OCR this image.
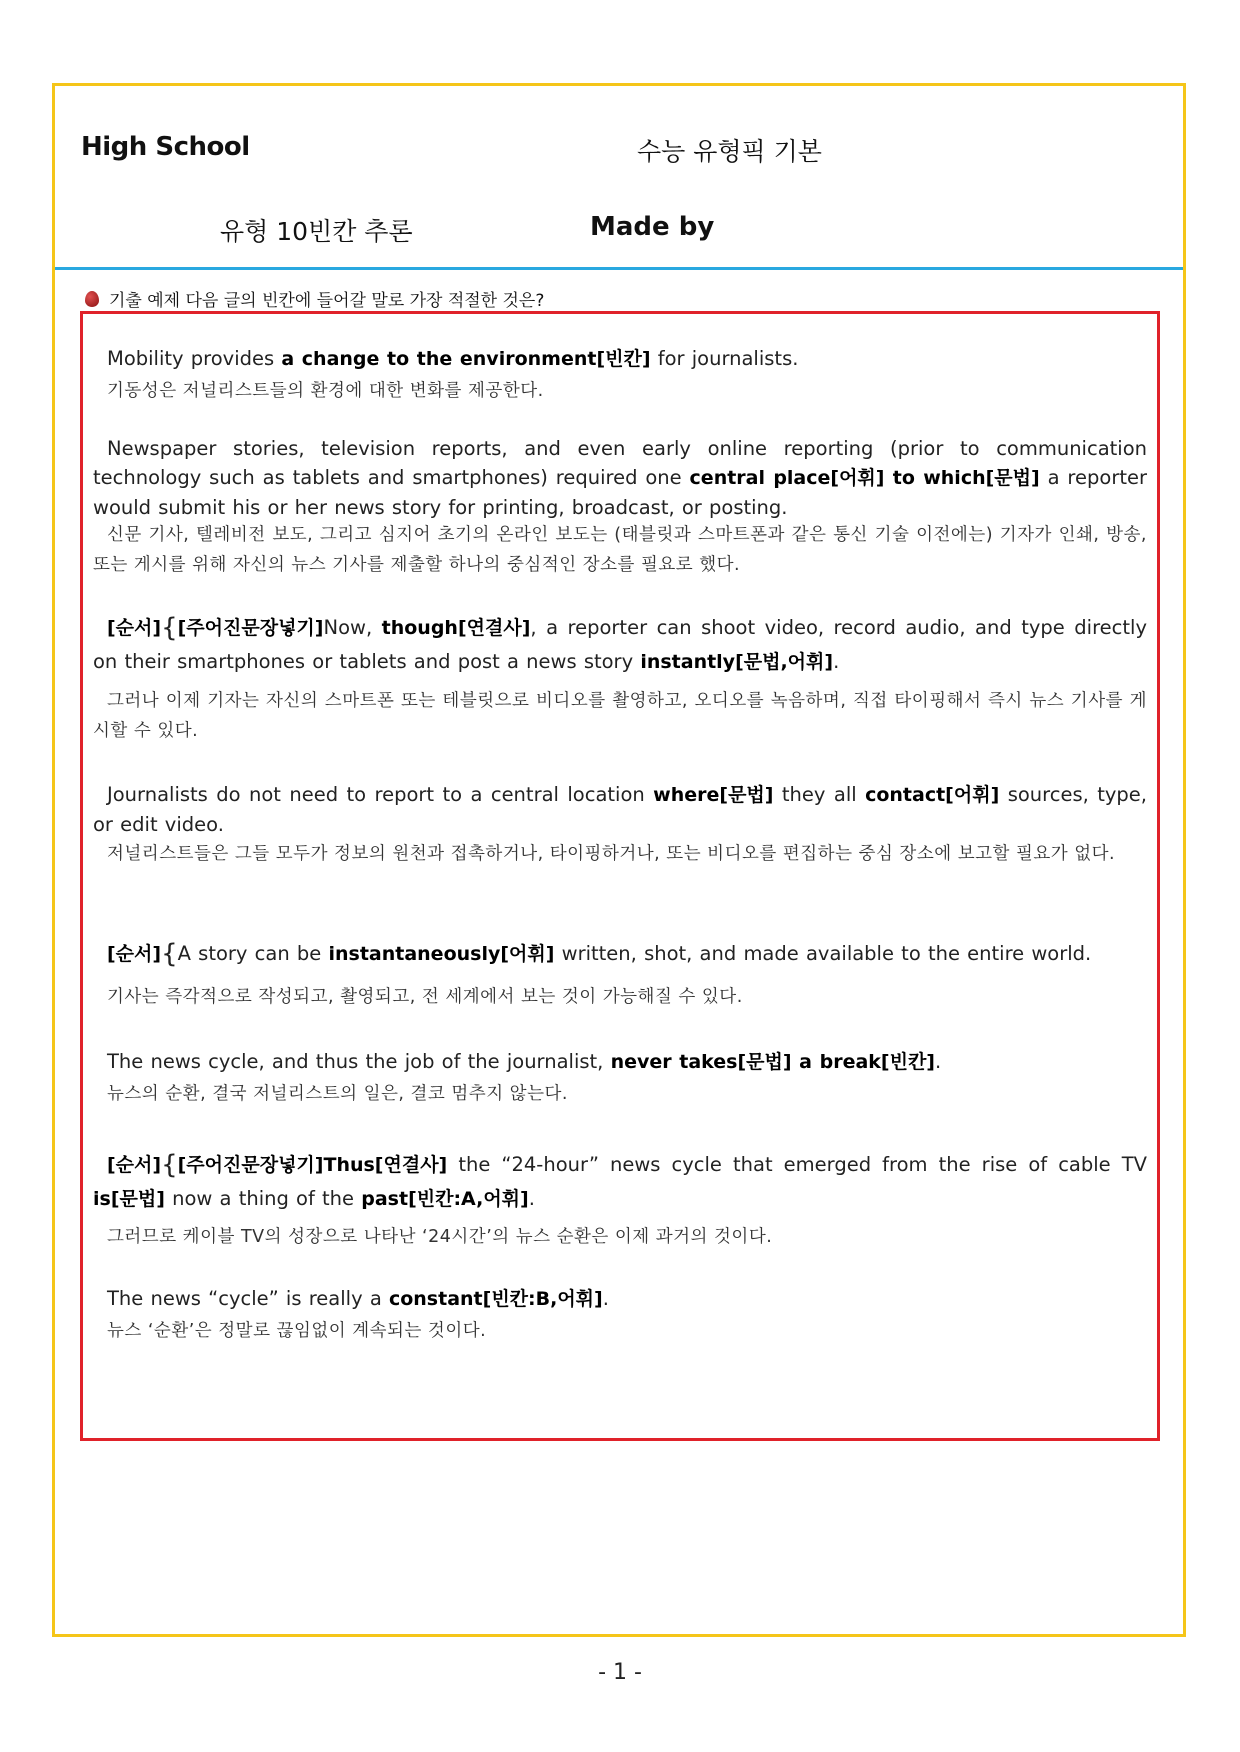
High School	수능 유형픽 기본
유형 10빈칸 추론	Made by
기출 예제 다음 글의 빈칸에 들어갈 말로 가장 적절한 것은?
Mobility provides a change to the environment[빈칸] for journalists.
기동성은 저널리스트들의 환경에 대한 변화를 제공한다.
Newspaper stories, television reports, and even early online reporting (prior to communication technology such as tablets and smartphones) required one central place[어휘] to which[문법] a reporter would submit his or her news story for printing, broadcast, or posting.
신문 기사, 텔레비전 보도, 그리고 심지어 초기의 온라인 보도는 (태블릿과 스마트폰과 같은 통신 기술 이전에는) 기자가 인쇄, 방송, 또는 게시를 위해 자신의 뉴스 기사를 제출할 하나의 중심적인 장소를 필요로 했다.
[순서]{[주어진문장넣기]Now, though[연결사], a reporter can shoot video, record audio, and type directly on their smartphones or tablets and post a news story instantly[문법,어휘].
그러나 이제 기자는 자신의 스마트폰 또는 테블릿으로 비디오를 촬영하고, 오디오를 녹음하며, 직접 타이핑해서 즉시 뉴스 기사를 게시할 수 있다.
Journalists do not need to report to a central location where[문법] they all contact[어휘] sources, type, or edit video.
저널리스트들은 그들 모두가 정보의 원천과 접촉하거나, 타이핑하거나, 또는 비디오를 편집하는 중심 장소에 보고할 필요가 없다.
[순서]{A story can be instantaneously[어휘] written, shot, and made available to the entire world.
기사는 즉각적으로 작성되고, 촬영되고, 전 세계에서 보는 것이 가능해질 수 있다.
The news cycle, and thus the job of the journalist, never takes[문법] a break[빈칸].
뉴스의 순환, 결국 저널리스트의 일은, 결코 멈추지 않는다.
[순서]{[주어진문장넣기]Thus[연결사] the “24-hour” news cycle that emerged from the rise of cable TV is[문법] now a thing of the past[빈칸:A,어휘].
그러므로 케이블 TV의 성장으로 나타난 ‘24시간’의 뉴스 순환은 이제 과거의 것이다.
The news “cycle” is really a constant[빈칸:B,어휘].
뉴스 ‘순환’은 정말로 끊임없이 계속되는 것이다.
- 1 -
